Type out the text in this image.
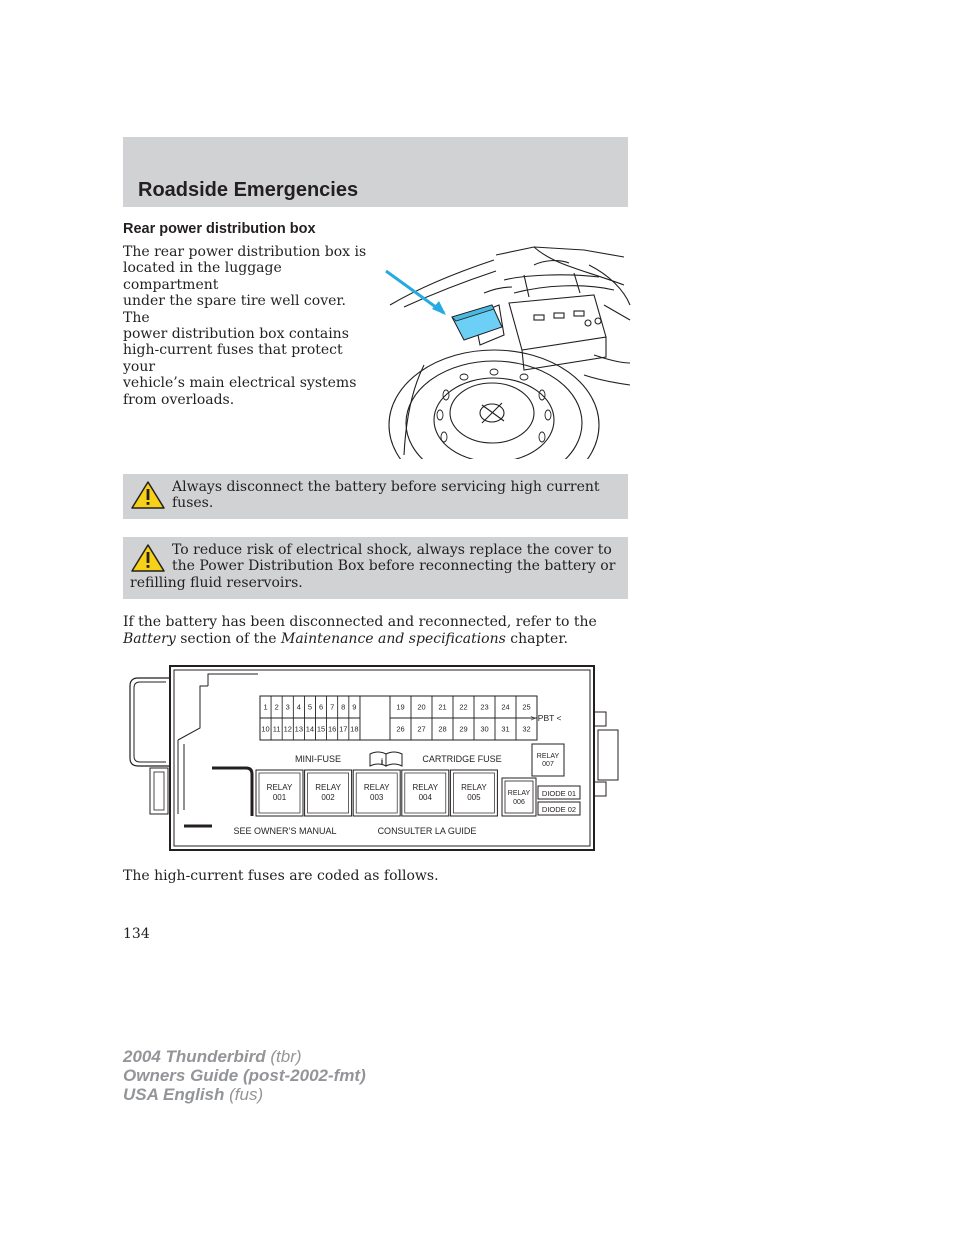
Roadside Emergencies
Rear power distribution box
The rear power distribution box is
located in the luggage compartment
under the spare tire well cover. The
power distribution box contains
high-current fuses that protect your
vehicle’s main electrical systems
from overloads.
Always disconnect the battery before servicing high current
fuses.
To reduce risk of electrical shock, always replace the cover to
the Power Distribution Box before reconnecting the battery or
refilling fluid reservoirs.
If the battery has been disconnected and reconnected, refer to the
Battery section of the Maintenance and specifications chapter.
i
1 2 3 4 5 6 7 8 9
10 11 12 13 14 15 16 17 18
19 20 21 22 23 24 25
26 27 28 29 30 31 32
RELAY
001
RELAY
002
RELAY
003
RELAY
004
RELAY
005
> PBT <
MINI-FUSE	CARTRIDGE FUSE	RELAY
007
RELAY
006
DIODE 01
DIODE 02
SEE OWNER’S MANUAL	CONSULTER LA GUIDE
The high-current fuses are coded as follows.
134
2004 Thunderbird (tbr)
Owners Guide (post-2002-fmt)
USA English (fus)
